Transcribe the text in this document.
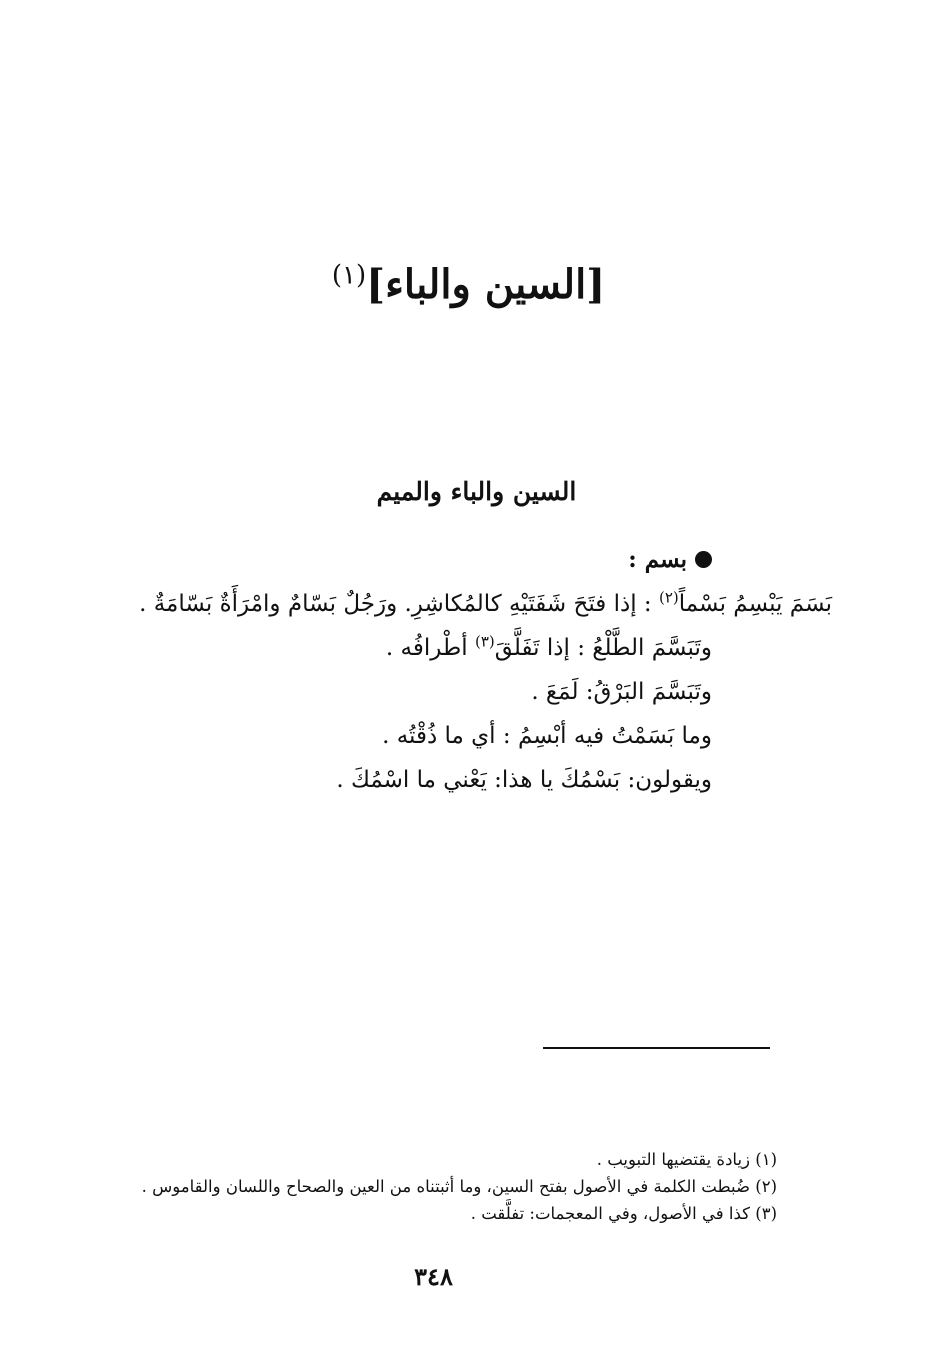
[السين والباء]$^{(١)}$
السين والباء والميم
بسم :
بَسَمَ يَبْسِمُ بَسْماً$^{(٢)}$ : إذا فتَحَ شَفَتَيْهِ كالمُكاشِرِ. ورَجُلٌ بَسّامٌ وامْرَأَةٌ بَسّامَةٌ .
وتَبَسَّمَ الطَّلْعُ : إذا تَفَلَّقَ$^{(٣)}$ أطْرافُه .
وتَبَسَّمَ البَرْقُ: لَمَعَ .
وما بَسَمْتُ فيه أبْسِمُ : أي ما ذُقْتُه .
ويقولون: بَسْمُكَ يا هذا: يَعْني ما اسْمُكَ .
(١) زيادة يقتضيها التبويب .
(٢) ضُبطت الكلمة في الأصول بفتح السين، وما أثبتناه من العين والصحاح واللسان والقاموس .
(٣) كذا في الأصول، وفي المعجمات: تفلَّقت .
٣٤٨
